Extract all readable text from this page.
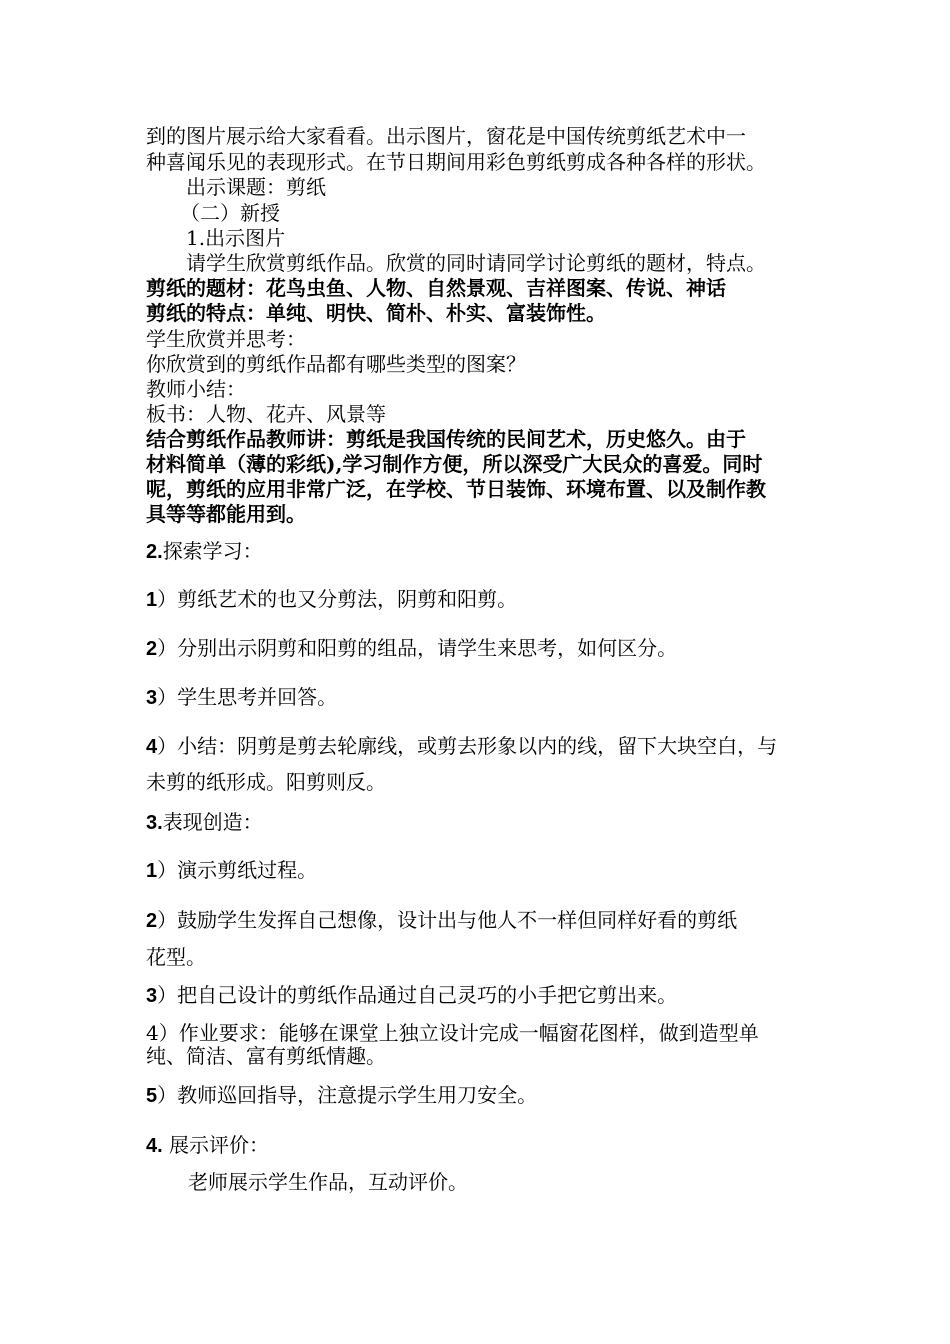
到的图片展示给大家看看。出示图片，窗花是中国传统剪纸艺术中一
种喜闻乐见的表现形式。在节日期间用彩色剪纸剪成各种各样的形状。
出示课题：剪纸
（二）新授
1.出示图片
请学生欣赏剪纸作品。欣赏的同时请同学讨论剪纸的题材，特点。
剪纸的题材：花鸟虫鱼、人物、自然景观、吉祥图案、传说、神话
剪纸的特点：单纯、明快、简朴、朴实、富装饰性。
学生欣赏并思考：
你欣赏到的剪纸作品都有哪些类型的图案？
教师小结：
板书：人物、花卉、风景等
结合剪纸作品教师讲：剪纸是我国传统的民间艺术，历史悠久。由于
材料简单（薄的彩纸),学习制作方便，所以深受广大民众的喜爱。同时
呢，剪纸的应用非常广泛，在学校、节日装饰、环境布置、以及制作教
具等等都能用到。
2.探索学习：
1）剪纸艺术的也又分剪法，阴剪和阳剪。
2）分别出示阴剪和阳剪的组品，请学生来思考，如何区分。
3）学生思考并回答。
4）小结：阴剪是剪去轮廓线，或剪去形象以内的线，留下大块空白，与
未剪的纸形成。阳剪则反。
3.表现创造：
1）演示剪纸过程。
2）鼓励学生发挥自己想像，设计出与他人不一样但同样好看的剪纸
花型。
3）把自己设计的剪纸作品通过自己灵巧的小手把它剪出来。
4）作业要求：能够在课堂上独立设计完成一幅窗花图样，做到造型单
纯、简洁、富有剪纸情趣。
5）教师巡回指导，注意提示学生用刀安全。
4. 展示评价：
老师展示学生作品，互动评价。
